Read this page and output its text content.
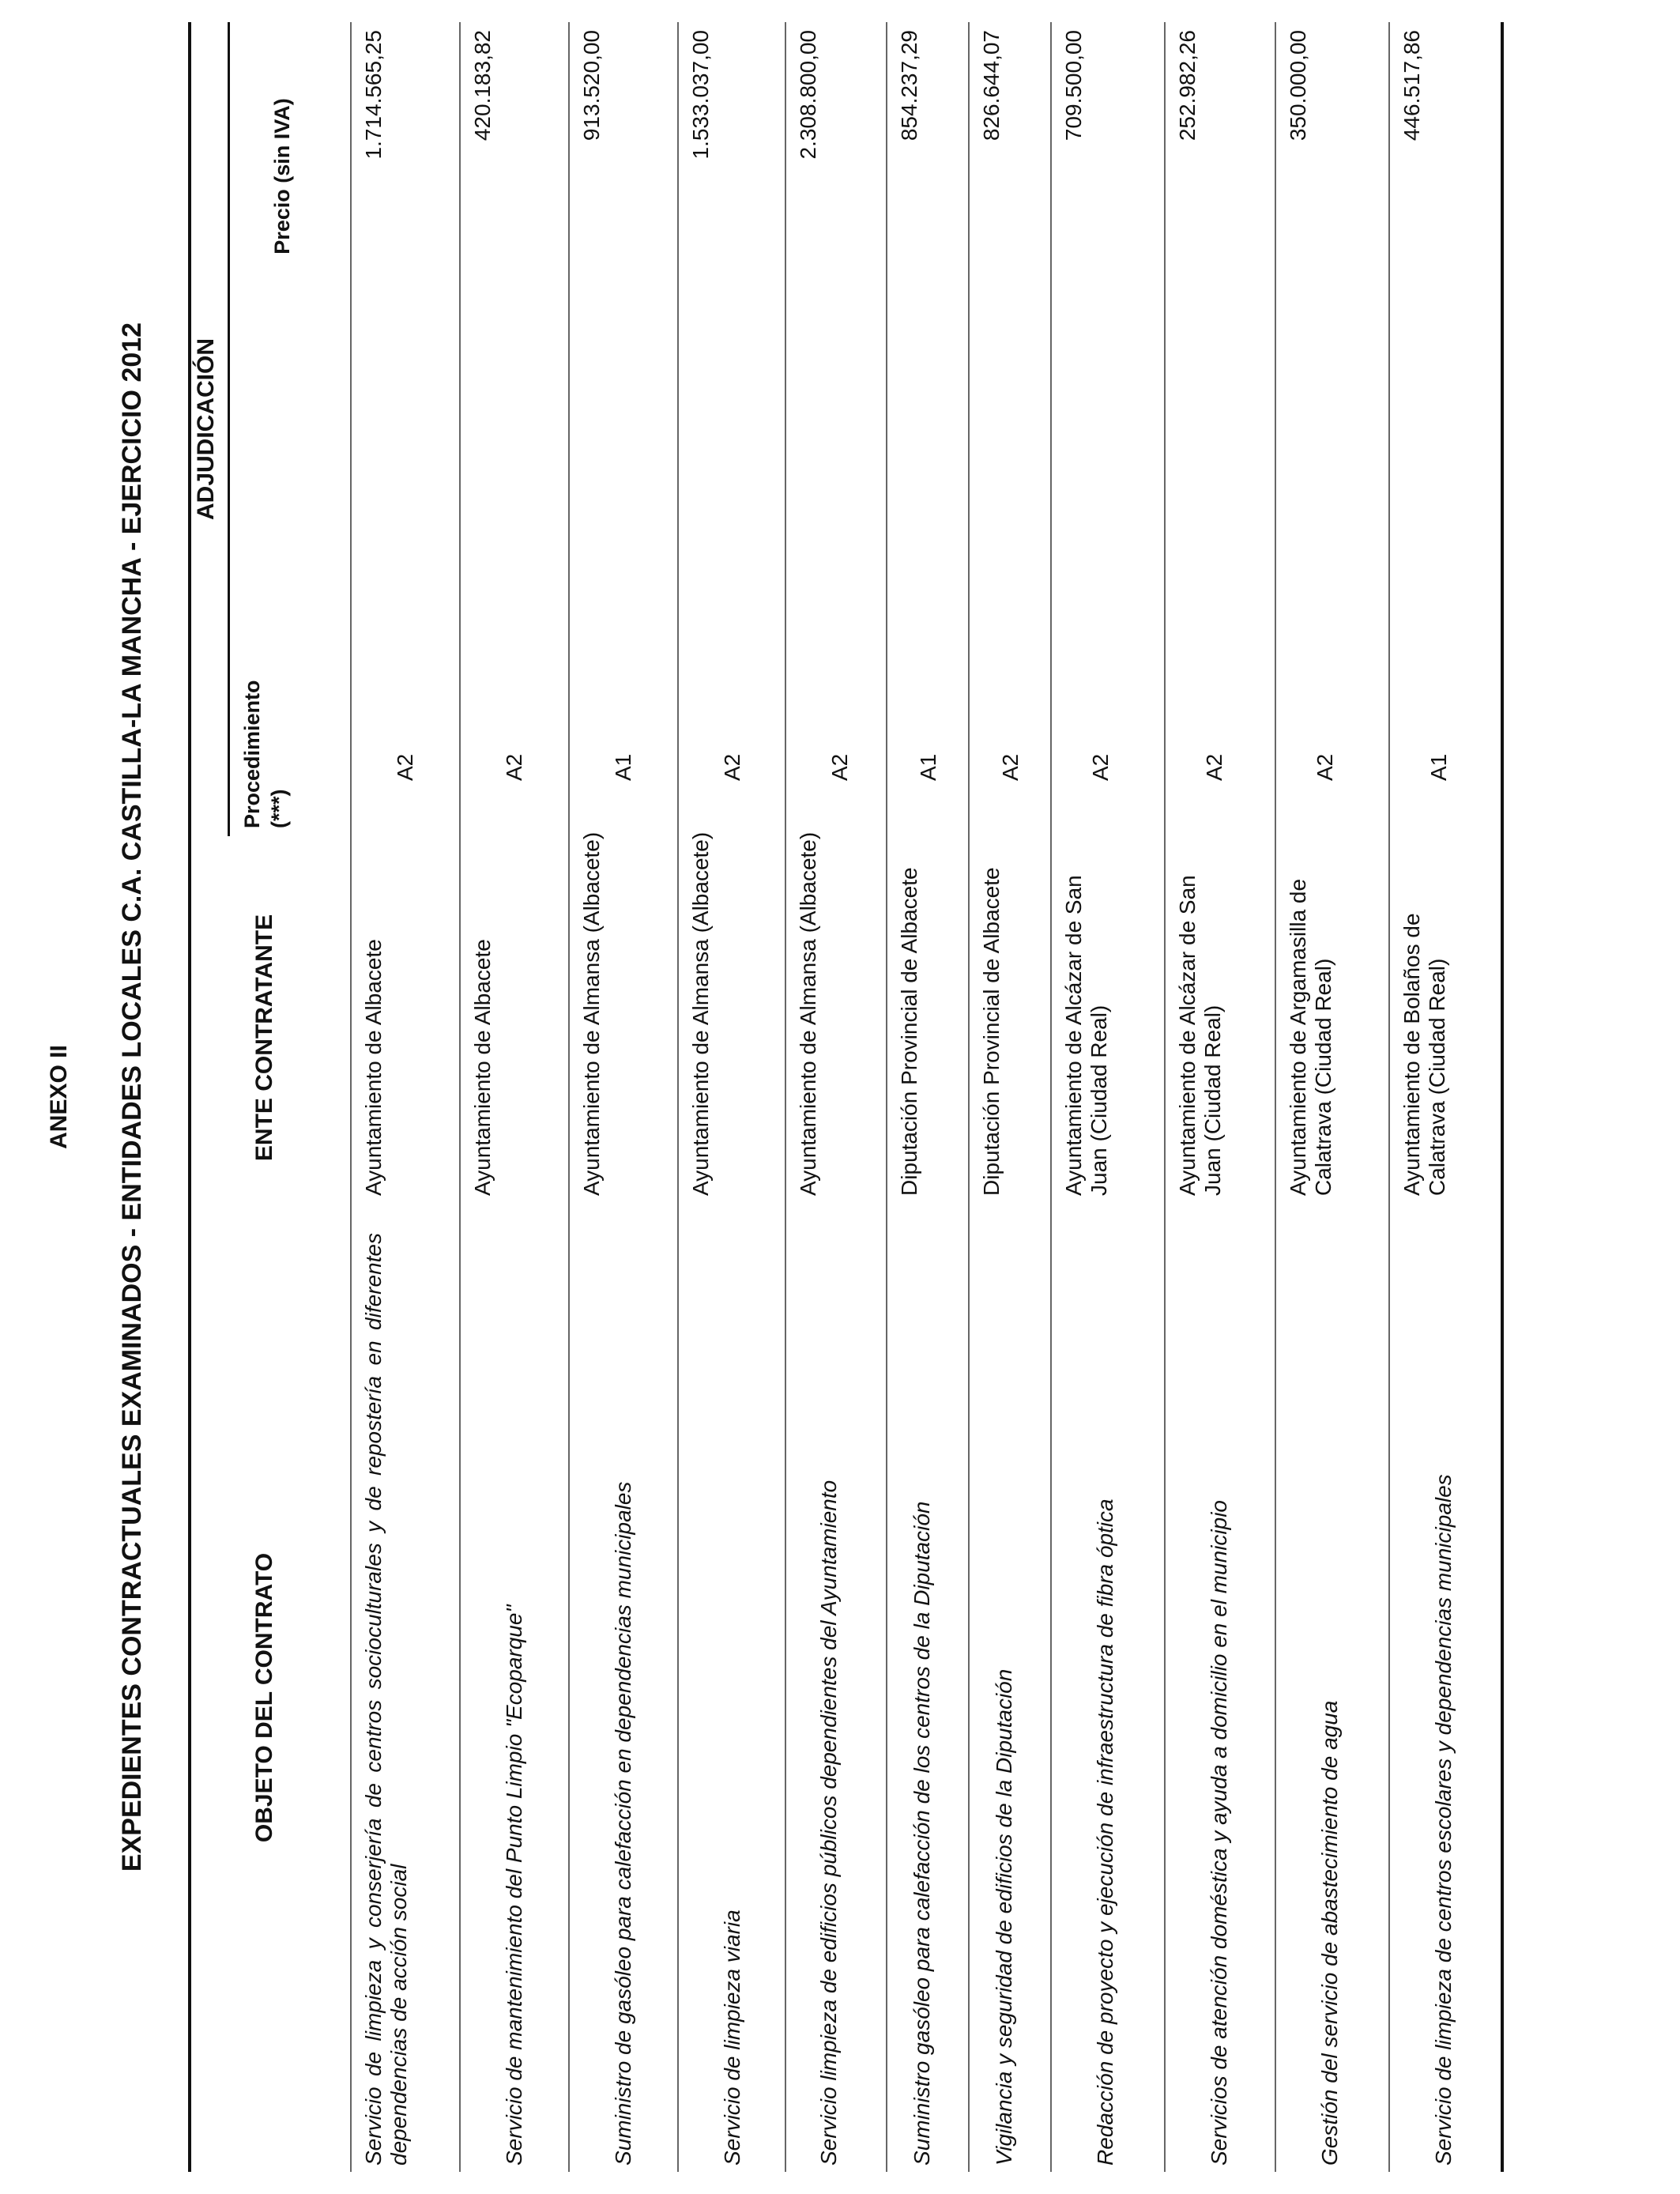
ANEXO II EXPEDIENTES CONTRACTUALES EXAMINADOS - ENTIDADES LOCALES C.A. CASTILLA-LA MANCHA - EJERCICIO 2012	OBJETO DEL CONTRATO
ENTE CONTRATANTE
ADJUDICACIÓN
Procedimiento (***)
Precio (sin IVA)
Servicio de limpieza y conserjería de centros socioculturales y de repostería en diferentes dependencias de acción social
Ayuntamiento de Albacete
A2
1.714.565,25
Servicio de mantenimiento del Punto Limpio "Ecoparque"
Ayuntamiento de Albacete
A2
420.183,82
Suministro de gasóleo para calefacción en dependencias municipales
Ayuntamiento de Almansa (Albacete)
A1
913.520,00
Servicio de limpieza viaria
Ayuntamiento de Almansa (Albacete)
A2
1.533.037,00
Servicio limpieza de edificios públicos dependientes del Ayuntamiento
Ayuntamiento de Almansa (Albacete)
A2
2.308.800,00
Suministro gasóleo para calefacción de los centros de la Diputación
Diputación Provincial de Albacete
A1
854.237,29
Vigilancia y seguridad de edificios de la Diputación
Diputación Provincial de Albacete
A2
826.644,07
Redacción de proyecto y ejecución de infraestructura de fibra óptica
Ayuntamiento de Alcázar de San Juan (Ciudad Real)
A2
709.500,00
Servicios de atención doméstica y ayuda a domicilio en el municipio
Ayuntamiento de Alcázar de San Juan (Ciudad Real)
A2
252.982,26
Gestión del servicio de abastecimiento de agua
Ayuntamiento de Argamasilla de Calatrava (Ciudad Real)
A2
350.000,00
Servicio de limpieza de centros escolares y dependencias municipales
Ayuntamiento de Bolaños de Calatrava (Ciudad Real)
A1
446.517,86
